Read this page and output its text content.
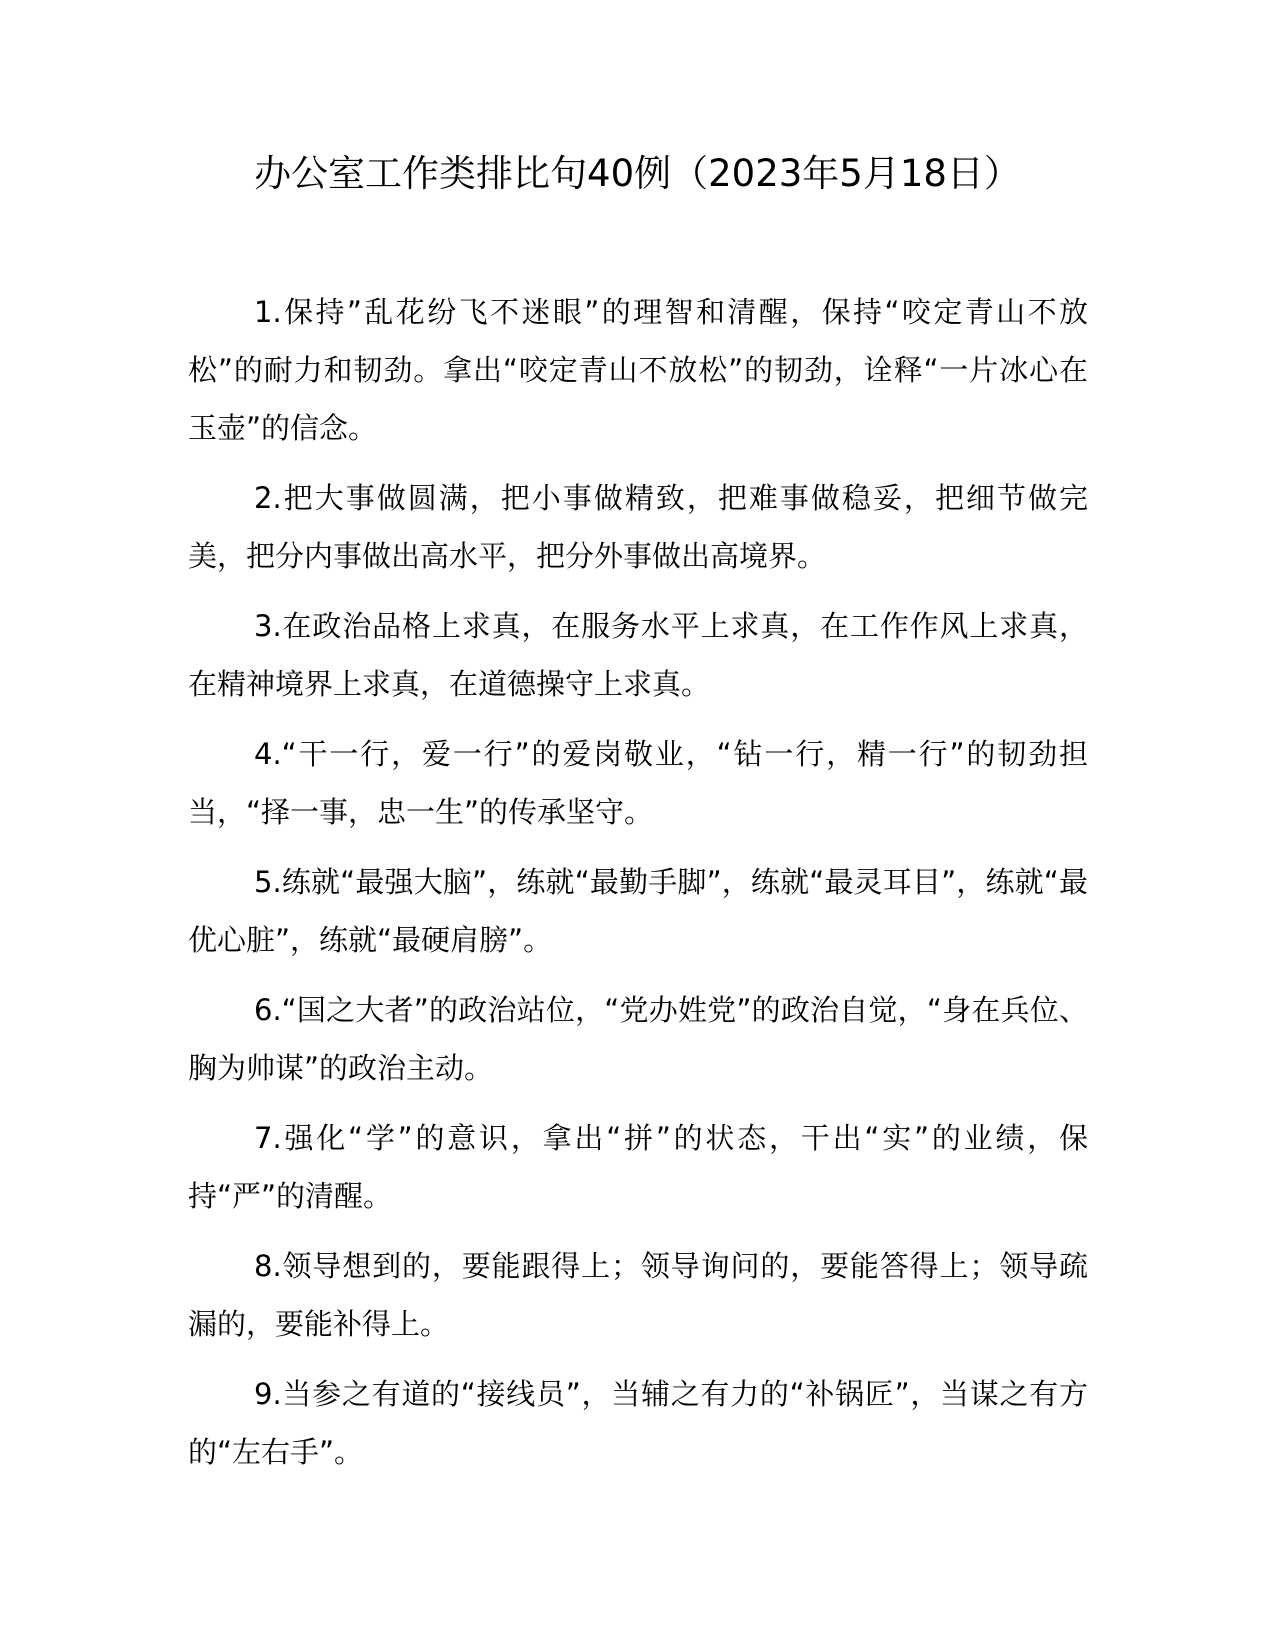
办公室工作类排比句40例（2023年5月18日）

1.保持”乱花纷飞不迷眼”的理智和清醒，保持“咬定青山不放松”的耐力和韧劲。拿出“咬定青山不放松”的韧劲，诠释“一片冰心在玉壶”的信念。

2.把大事做圆满，把小事做精致，把难事做稳妥，把细节做完美，把分内事做出高水平，把分外事做出高境界。

3.在政治品格上求真，在服务水平上求真，在工作作风上求真，在精神境界上求真，在道德操守上求真。

4.“干一行，爱一行”的爱岗敬业，“钻一行，精一行”的韧劲担当，“择一事，忠一生”的传承坚守。

5.练就“最强大脑”，练就“最勤手脚”，练就“最灵耳目”，练就“最优心脏”，练就“最硬肩膀”。

6.“国之大者”的政治站位，“党办姓党”的政治自觉，“身在兵位、胸为帅谋”的政治主动。

7.强化“学”的意识，拿出“拼”的状态，干出“实”的业绩，保持“严”的清醒。

8.领导想到的，要能跟得上；领导询问的，要能答得上；领导疏漏的，要能补得上。

9.当参之有道的“接线员”，当辅之有力的“补锅匠”，当谋之有方的“左右手”。
